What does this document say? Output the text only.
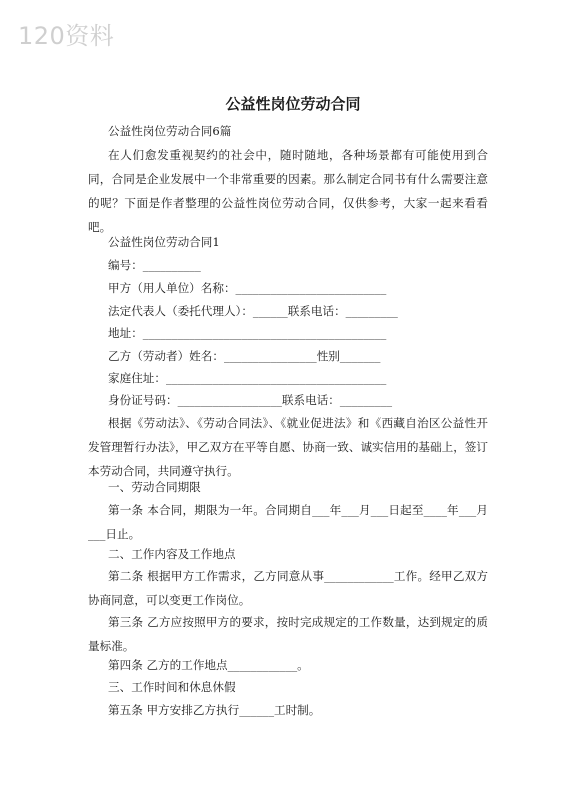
120资料
公益性岗位劳动合同
公益性岗位劳动合同6篇
在人们愈发重视契约的社会中，随时随地，各种场景都有可能使用到合同，合同是企业发展中一个非常重要的因素。那么制定合同书有什么需要注意的呢？下面是作者整理的公益性岗位劳动合同，仅供参考，大家一起来看看吧。
公益性岗位劳动合同1
编号：__________
甲方（用人单位）名称：__________________________
法定代表人（委托代理人）：______联系电话：_________
地址：__________________________________________
乙方（劳动者）姓名：________________性别_______
家庭住址：______________________________________
身份证号码：__________________联系电话：_________
根据《劳动法》、《劳动合同法》、《就业促进法》和《西藏自治区公益性开发管理暂行办法》，甲乙双方在平等自愿、协商一致、诚实信用的基础上，签订本劳动合同，共同遵守执行。
一、劳动合同期限
第一条 本合同，期限为一年。合同期自___年___月___日起至____年___月___日止。
二、工作内容及工作地点
第二条 根据甲方工作需求，乙方同意从事____________工作。经甲乙双方协商同意，可以变更工作岗位。
第三条 乙方应按照甲方的要求，按时完成规定的工作数量，达到规定的质量标准。
第四条 乙方的工作地点____________。
三、工作时间和休息休假
第五条 甲方安排乙方执行______工时制。
